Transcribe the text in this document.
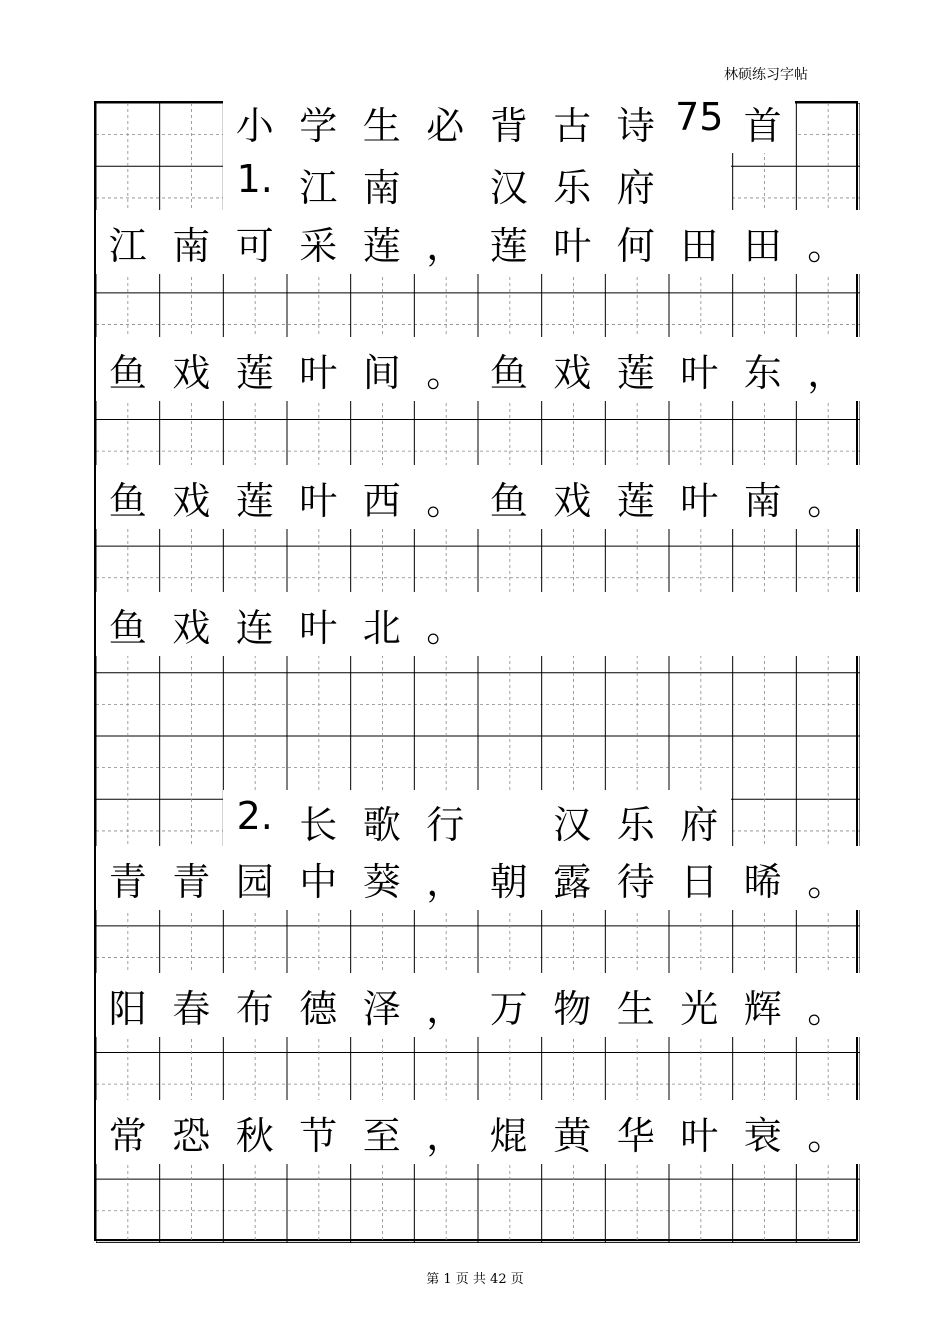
林硕练习字帖
小 学 生 必 背 古 诗 75 首
1. 江 南
	汉 乐 府
江 南 可 采 莲 ， 莲 叶 何 田 田 。
鱼 戏 莲 叶 间 。 鱼 戏 莲 叶 东 ，
鱼 戏 莲 叶 西 。 鱼 戏 莲 叶 南 。
鱼 戏 连 叶 北 。
2. 长 歌 行
	汉 乐 府
青 青 园 中 葵 ， 朝 露 待 日 晞 。
阳 春 布 德 泽 ， 万 物 生 光 辉 。
常 恐 秋 节 至 ， 焜 黄 华 叶 衰 。
第 1 页 共 42 页
